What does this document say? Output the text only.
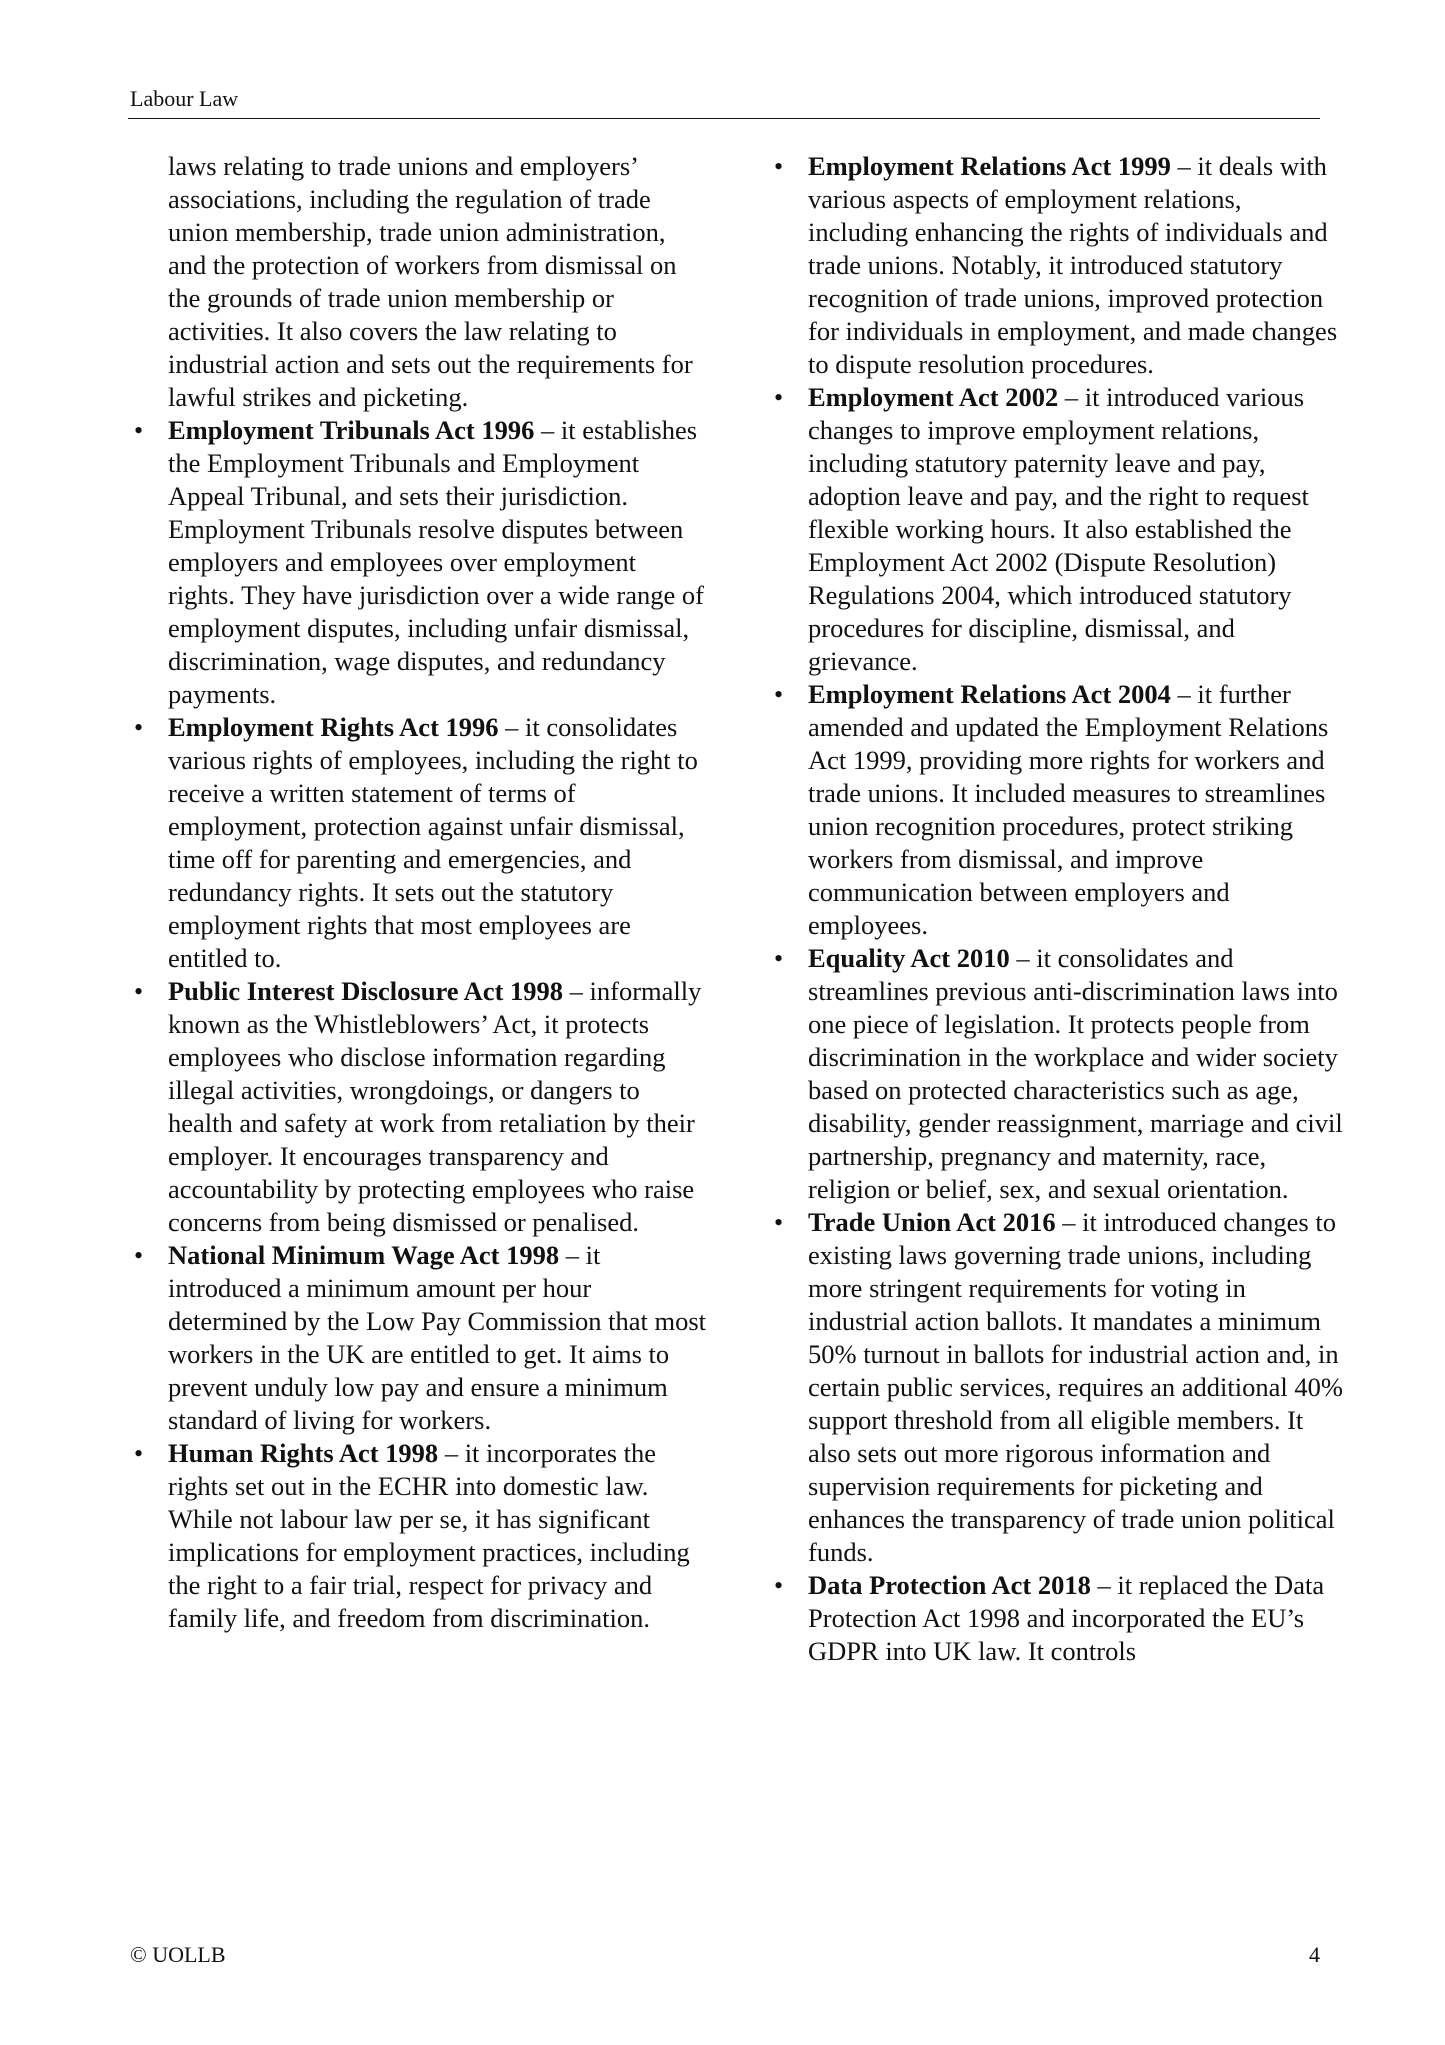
Labour Law

laws relating to trade unions and employers’ associations, including the regulation of trade union membership, trade union administration, and the protection of workers from dismissal on the grounds of trade union membership or activities. It also covers the law relating to industrial action and sets out the requirements for lawful strikes and picketing.

• Employment Tribunals Act 1996 – it establishes the Employment Tribunals and Employment Appeal Tribunal, and sets their jurisdiction. Employment Tribunals resolve disputes between employers and employees over employment rights. They have jurisdiction over a wide range of employment disputes, including unfair dismissal, discrimination, wage disputes, and redundancy payments.
• Employment Rights Act 1996 – it consolidates various rights of employees, including the right to receive a written statement of terms of employment, protection against unfair dismissal, time off for parenting and emergencies, and redundancy rights. It sets out the statutory employment rights that most employees are entitled to.
• Public Interest Disclosure Act 1998 – informally known as the Whistleblowers’ Act, it protects employees who disclose information regarding illegal activities, wrongdoings, or dangers to health and safety at work from retaliation by their employer. It encourages transparency and accountability by protecting employees who raise concerns from being dismissed or penalised.
• National Minimum Wage Act 1998 – it introduced a minimum amount per hour determined by the Low Pay Commission that most workers in the UK are entitled to get. It aims to prevent unduly low pay and ensure a minimum standard of living for workers.
• Human Rights Act 1998 – it incorporates the rights set out in the ECHR into domestic law. While not labour law per se, it has significant implications for employment practices, including the right to a fair trial, respect for privacy and family life, and freedom from discrimination.
• Employment Relations Act 1999 – it deals with various aspects of employment relations, including enhancing the rights of individuals and trade unions. Notably, it introduced statutory recognition of trade unions, improved protection for individuals in employment, and made changes to dispute resolution procedures.
• Employment Act 2002 – it introduced various changes to improve employment relations, including statutory paternity leave and pay, adoption leave and pay, and the right to request flexible working hours. It also established the Employment Act 2002 (Dispute Resolution) Regulations 2004, which introduced statutory procedures for discipline, dismissal, and grievance.
• Employment Relations Act 2004 – it further amended and updated the Employment Relations Act 1999, providing more rights for workers and trade unions. It included measures to streamlines union recognition procedures, protect striking workers from dismissal, and improve communication between employers and employees.
• Equality Act 2010 – it consolidates and streamlines previous anti-discrimination laws into one piece of legislation. It protects people from discrimination in the workplace and wider society based on protected characteristics such as age, disability, gender reassignment, marriage and civil partnership, pregnancy and maternity, race, religion or belief, sex, and sexual orientation.
• Trade Union Act 2016 – it introduced changes to existing laws governing trade unions, including more stringent requirements for voting in industrial action ballots. It mandates a minimum 50% turnout in ballots for industrial action and, in certain public services, requires an additional 40% support threshold from all eligible members. It also sets out more rigorous information and supervision requirements for picketing and enhances the transparency of trade union political funds.
• Data Protection Act 2018 – it replaced the Data Protection Act 1998 and incorporated the EU’s GDPR into UK law. It controls
© UOLLB	4
